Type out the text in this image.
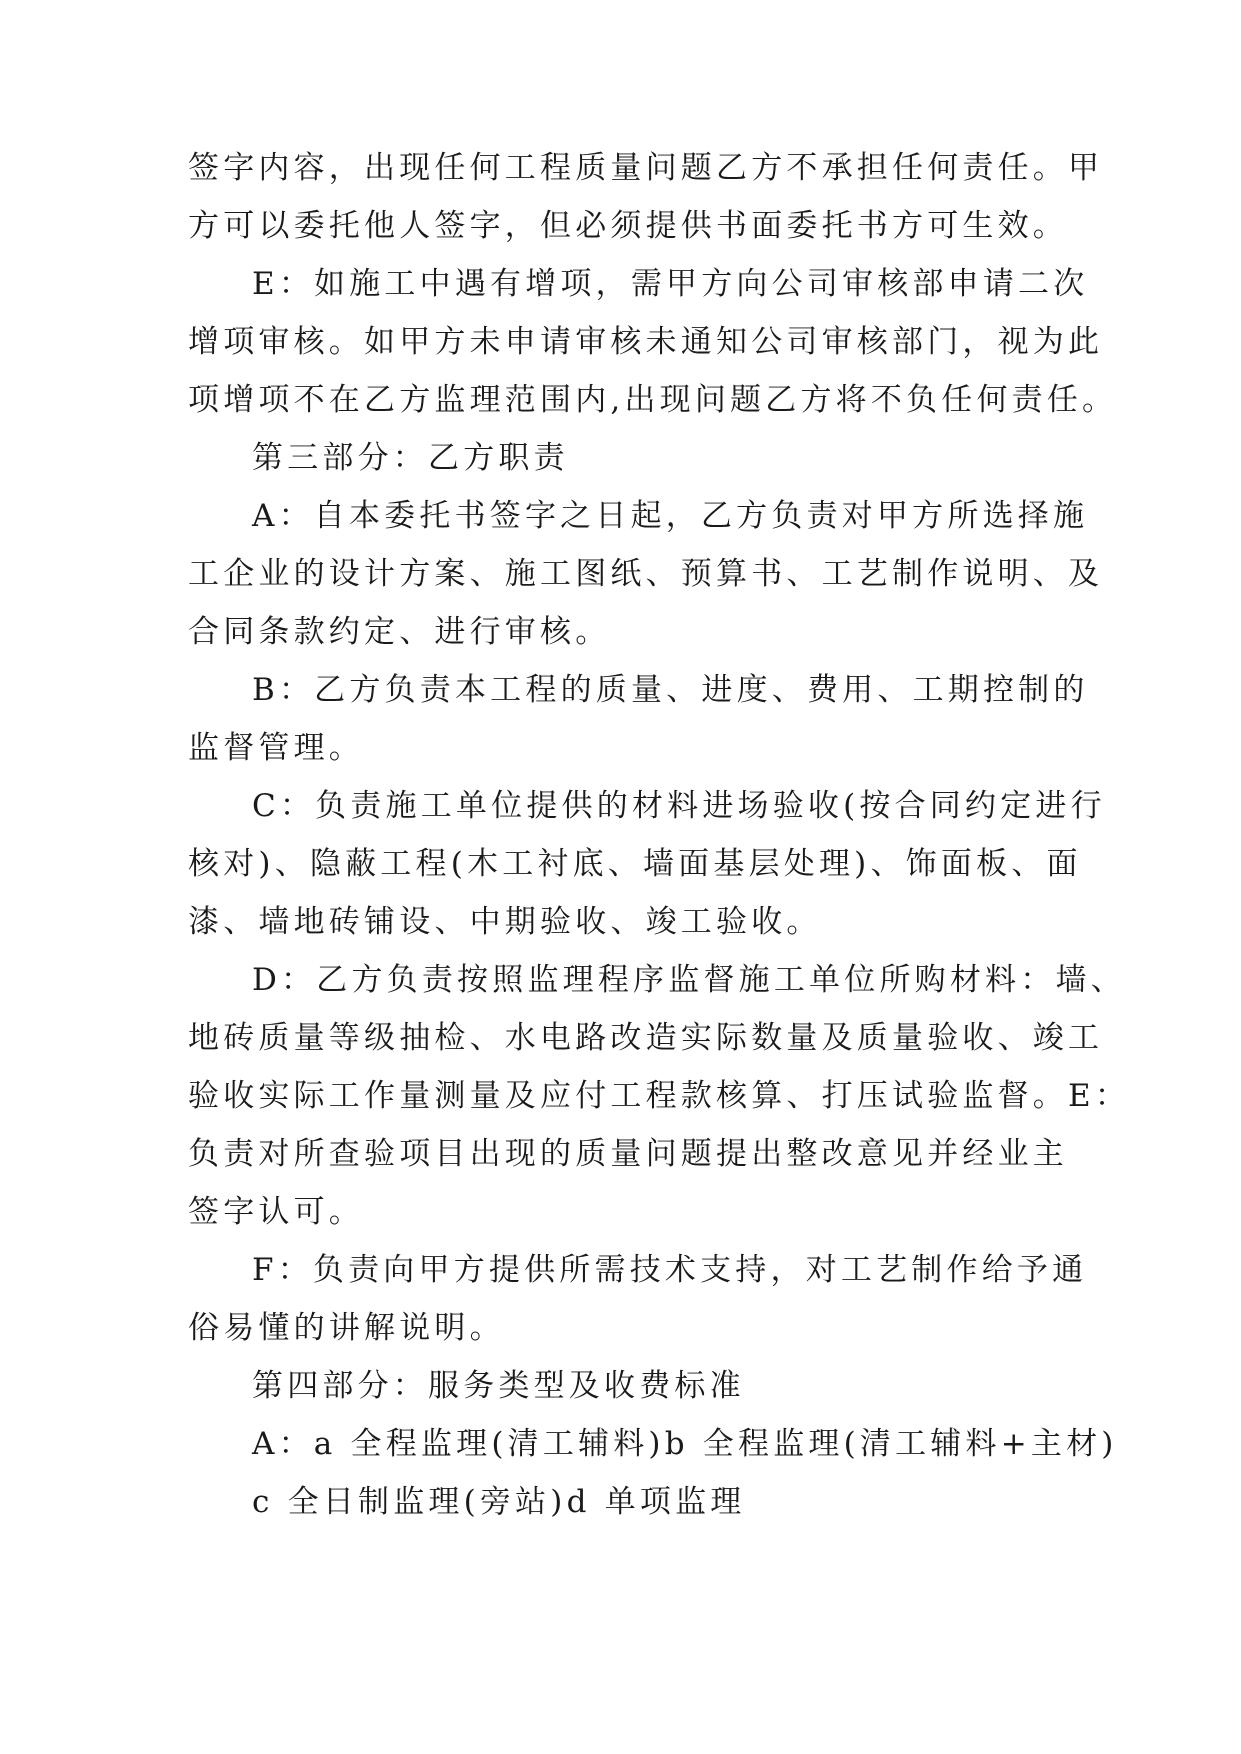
签字内容，出现任何工程质量问题乙方不承担任何责任。甲

方可以委托他人签字，但必须提供书面委托书方可生效。

E：如施工中遇有增项，需甲方向公司审核部申请二次

增项审核。如甲方未申请审核未通知公司审核部门，视为此

项增项不在乙方监理范围内,出现问题乙方将不负任何责任。

第三部分：乙方职责

A：自本委托书签字之日起，乙方负责对甲方所选择施

工企业的设计方案、施工图纸、预算书、工艺制作说明、及

合同条款约定、进行审核。

B：乙方负责本工程的质量、进度、费用、工期控制的

监督管理。

C：负责施工单位提供的材料进场验收(按合同约定进行

核对)、隐蔽工程(木工衬底、墙面基层处理)、饰面板、面

漆、墙地砖铺设、中期验收、竣工验收。

D：乙方负责按照监理程序监督施工单位所购材料：墙、

地砖质量等级抽检、水电路改造实际数量及质量验收、竣工

验收实际工作量测量及应付工程款核算、打压试验监督。E：

负责对所查验项目出现的质量问题提出整改意见并经业主

签字认可。

F：负责向甲方提供所需技术支持，对工艺制作给予通

俗易懂的讲解说明。

第四部分：服务类型及收费标准

A：a 全程监理(清工辅料)b 全程监理(清工辅料+主材)

c 全日制监理(旁站)d 单项监理
